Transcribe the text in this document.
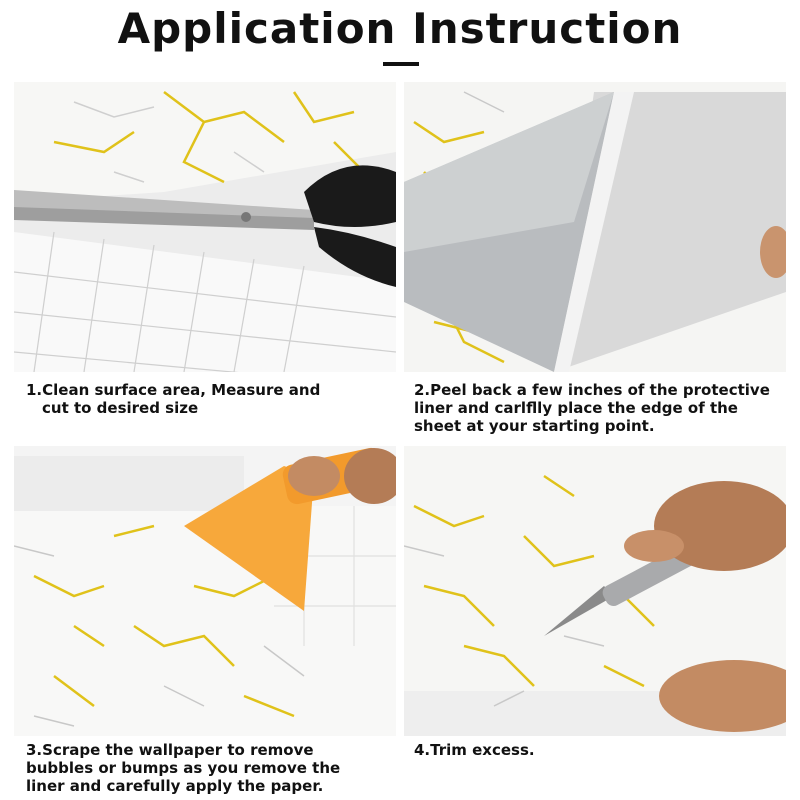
Application Instruction
1.Clean surface area, Measure and
cut to desired size
2.Peel back a few inches of the protective
liner and carlflly place the edge of the
sheet at your starting point.
3.Scrape the wallpaper to remove
bubbles or bumps as you remove the
liner and carefully apply the paper.
4.Trim excess.
